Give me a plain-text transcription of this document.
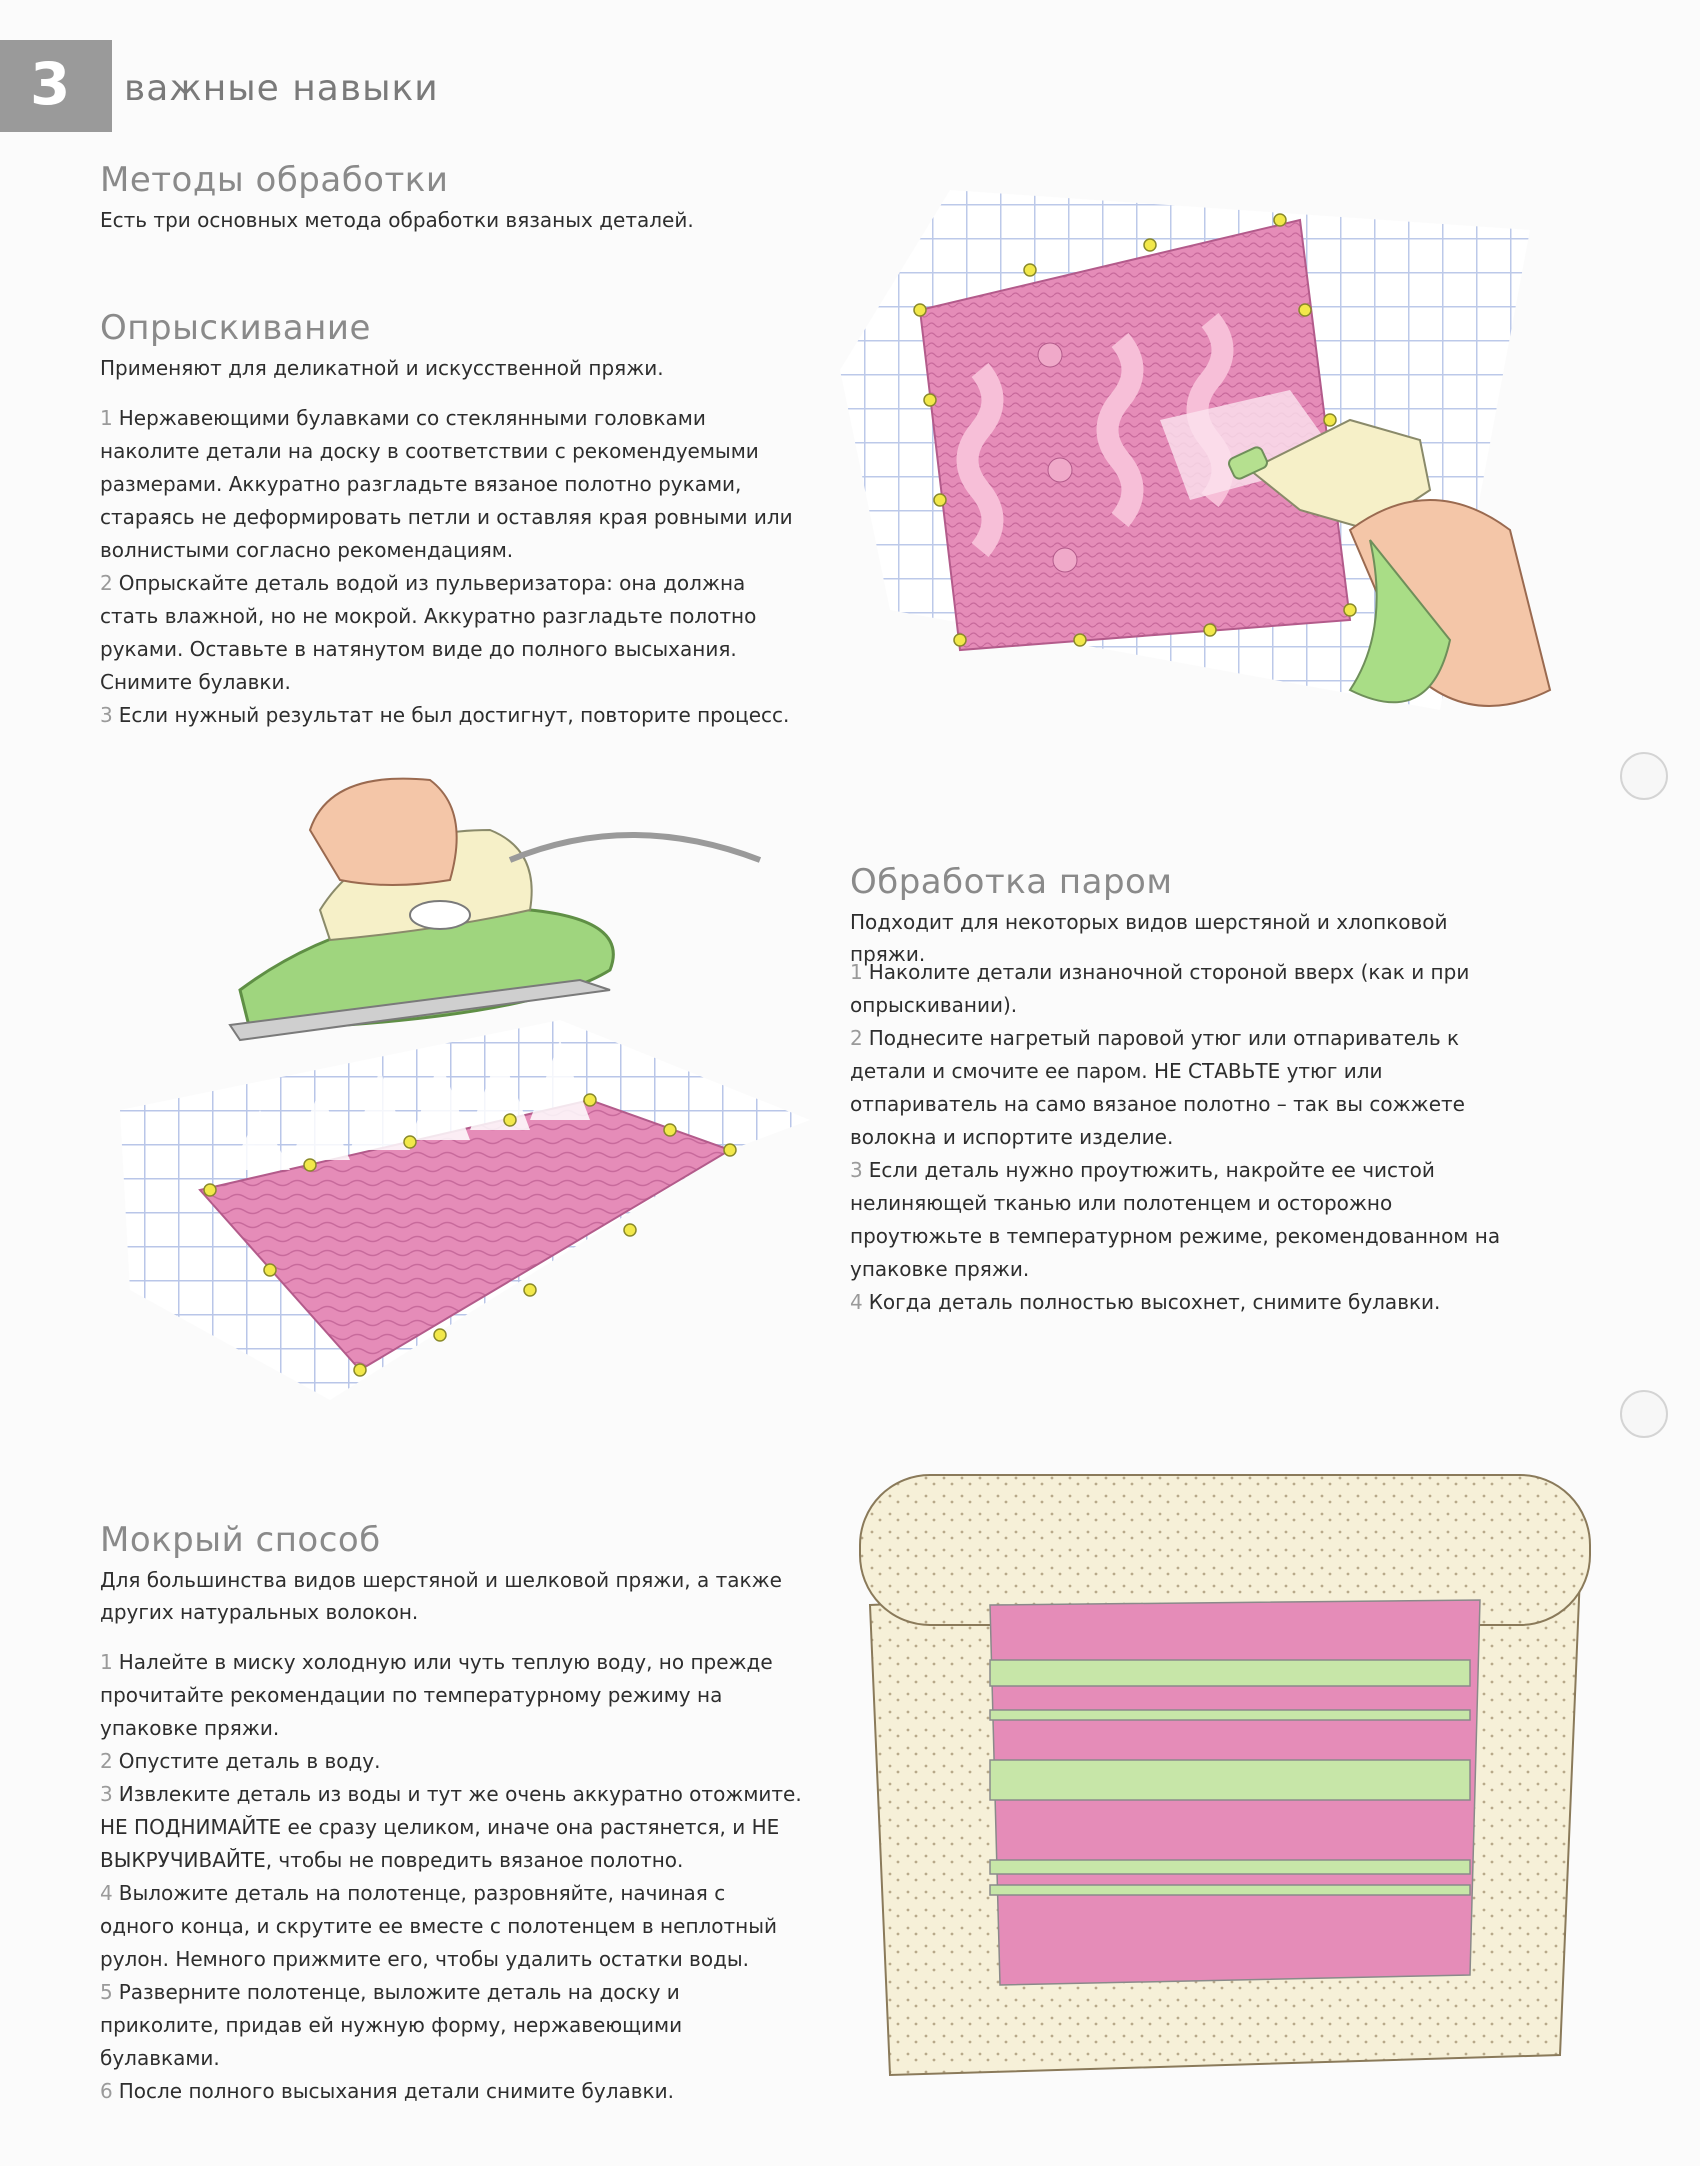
3 важные навыки
Методы обработки

Есть три основных метода обработки вязаных деталей.

Опрыскивание

Применяют для деликатной и искусственной пряжи.

1 Нержавеющими булавками со стеклянными головками наколите детали на доску в соответствии с рекомендуемыми размерами. Аккуратно разгладьте вязаное полотно руками, стараясь не деформировать петли и оставляя края ровными или волнистыми согласно рекомендациям.
2 Опрыскайте деталь водой из пульверизатора: она должна стать влажной, но не мокрой. Аккуратно разгладьте полотно руками. Оставьте в натянутом виде до полного высыхания. Снимите булавки.
3 Если нужный результат не был достигнут, повторите процесс.
Обработка паром

Подходит для некоторых видов шерстяной и хлопковой пряжи.

1 Наколите детали изнаночной стороной вверх (как и при опрыскивании).
2 Поднесите нагретый паровой утюг или отпариватель к детали и смочите ее паром. НЕ СТАВЬТЕ утюг или отпариватель на само вязаное полотно – так вы сожжете волокна и испортите изделие.
3 Если деталь нужно проутюжить, накройте ее чистой нелиняющей тканью или полотенцем и осторожно проутюжьте в температурном режиме, рекомендованном на упаковке пряжи.
4 Когда деталь полностью высохнет, снимите булавки.
Мокрый способ

Для большинства видов шерстяной и шелковой пряжи, а также других натуральных волокон.

1 Налейте в миску холодную или чуть теплую воду, но прежде прочитайте рекомендации по температурному режиму на упаковке пряжи.
2 Опустите деталь в воду.
3 Извлеките деталь из воды и тут же очень аккуратно отожмите. НЕ ПОДНИМАЙТЕ ее сразу целиком, иначе она растянется, и НЕ ВЫКРУЧИВАЙТЕ, чтобы не повредить вязаное полотно.
4 Выложите деталь на полотенце, разровняйте, начиная с одного конца, и скрутите ее вместе с полотенцем в неплотный рулон. Немного прижмите его, чтобы удалить остатки воды.
5 Разверните полотенце, выложите деталь на доску и приколите, придав ей нужную форму, нержавеющими булавками.
6 После полного высыхания детали снимите булавки.
